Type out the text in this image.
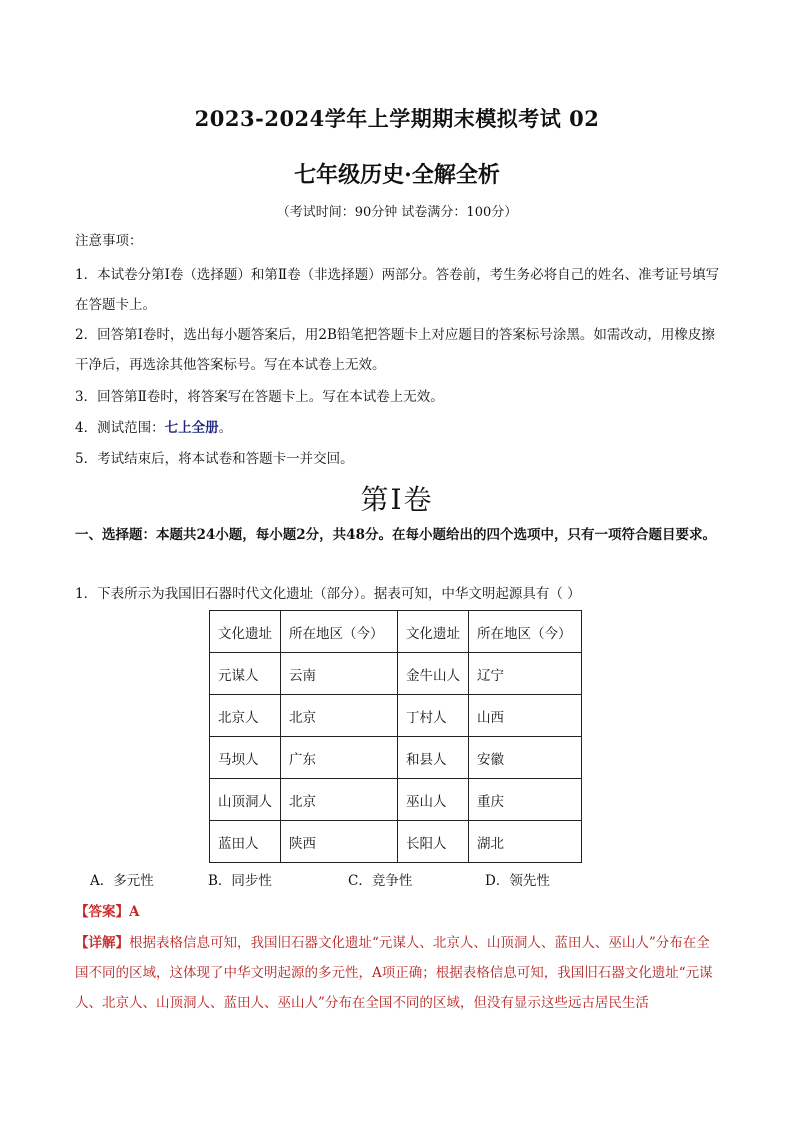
2023-2024学年上学期期末模拟考试 02
七年级历史·全解全析
（考试时间：90分钟 试卷满分：100分）
注意事项：
1．本试卷分第Ⅰ卷（选择题）和第Ⅱ卷（非选择题）两部分。答卷前，考生务必将自己的姓名、准考证号填写在答题卡上。
2．回答第Ⅰ卷时，选出每小题答案后，用2B铅笔把答题卡上对应题目的答案标号涂黑。如需改动，用橡皮擦干净后，再选涂其他答案标号。写在本试卷上无效。
3．回答第Ⅱ卷时，将答案写在答题卡上。写在本试卷上无效。
4．测试范围：七上全册。
5．考试结束后，将本试卷和答题卡一并交回。
第Ⅰ卷
一、选择题：本题共24小题，每小题2分，共48分。在每小题给出的四个选项中，只有一项符合题目要求。
1．下表所示为我国旧石器时代文化遗址（部分）。据表可知，中华文明起源具有（ ）
文化遗址	所在地区（今）	文化遗址	所在地区（今）
元谋人	云南	金牛山人	辽宁
北京人	北京	丁村人	山西
马坝人	广东	和县人	安徽
山顶洞人	北京	巫山人	重庆
蓝田人	陕西	长阳人	湖北
A．多元性	B．同步性	C．竞争性	D．领先性
【答案】A
【详解】根据表格信息可知，我国旧石器文化遗址“元谋人、北京人、山顶洞人、蓝田人、巫山人”分布在全国不同的区域，这体现了中华文明起源的多元性，A项正确；根据表格信息可知，我国旧石器文化遗址“元谋人、北京人、山顶洞人、蓝田人、巫山人”分布在全国不同的区域，但没有显示这些远古居民生活
